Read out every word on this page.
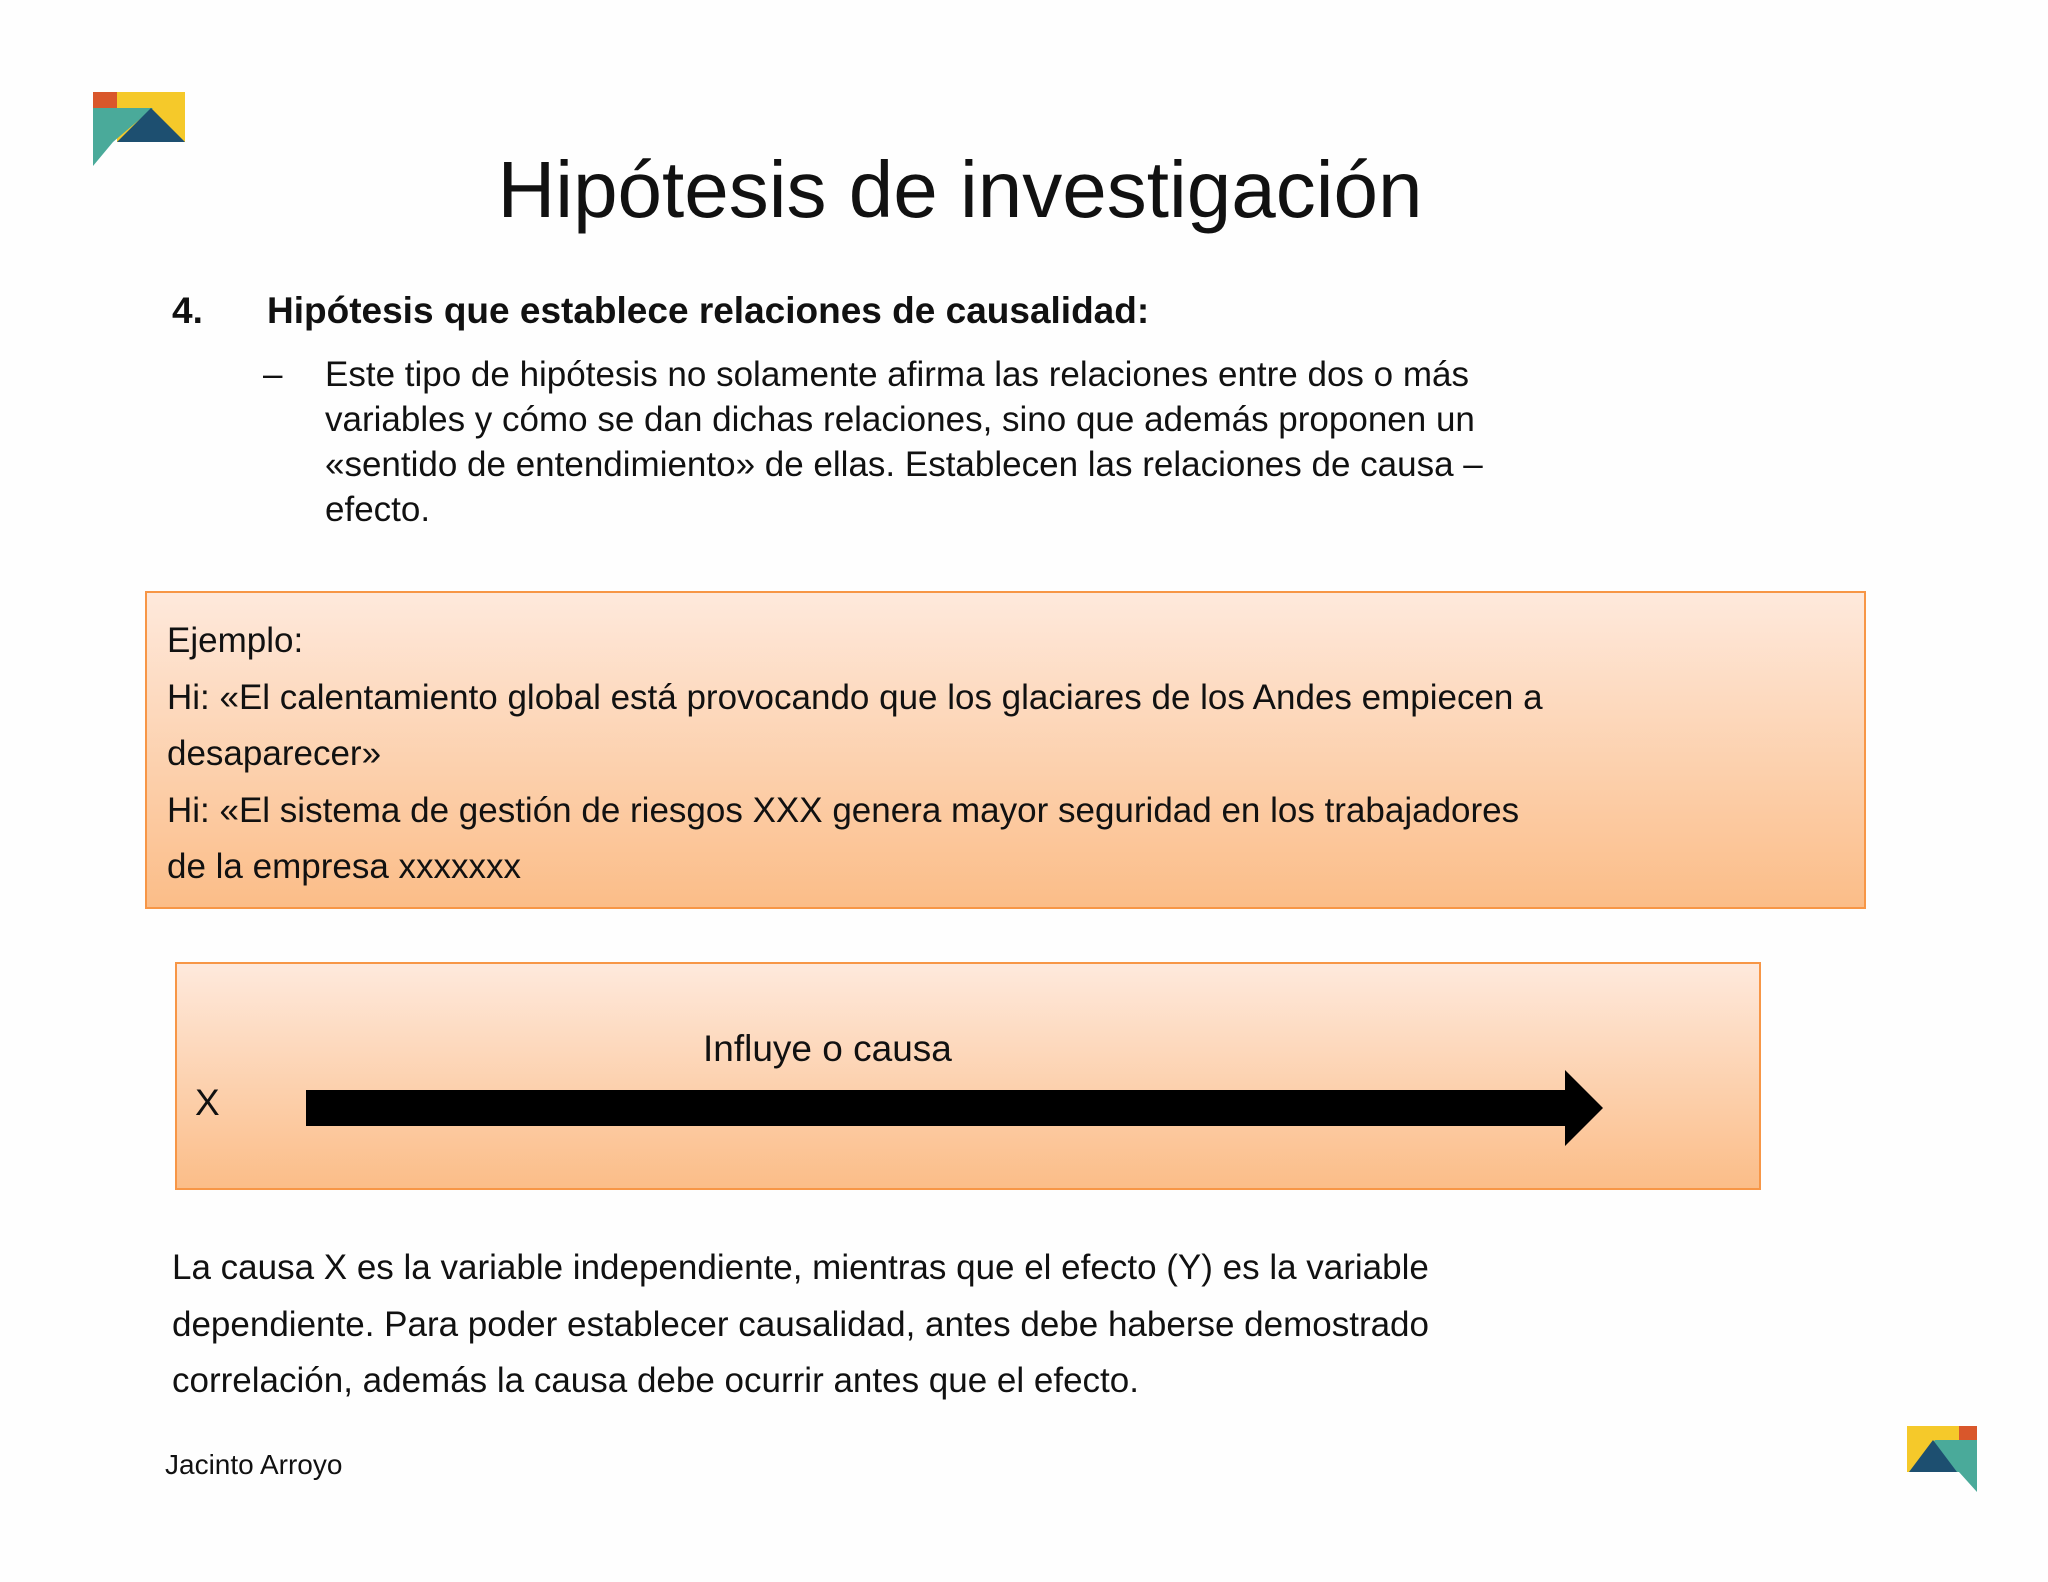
Hipótesis de investigación
4. Hipótesis que establece relaciones de causalidad:
– Este tipo de hipótesis no solamente afirma las relaciones entre dos o más
variables y cómo se dan dichas relaciones, sino que además proponen un
«sentido de entendimiento» de ellas. Establecen las relaciones de causa –
efecto.
Ejemplo:
Hi: «El calentamiento global está provocando que los glaciares de los Andes empiecen a
desaparecer»
Hi: «El sistema de gestión de riesgos XXX genera mayor seguridad en los trabajadores
de la empresa xxxxxxx
X
Influye o causa
La causa X es la variable independiente, mientras que el efecto (Y) es la variable
dependiente. Para poder establecer causalidad, antes debe haberse demostrado
correlación, además la causa debe ocurrir antes que el efecto.
Jacinto Arroyo
